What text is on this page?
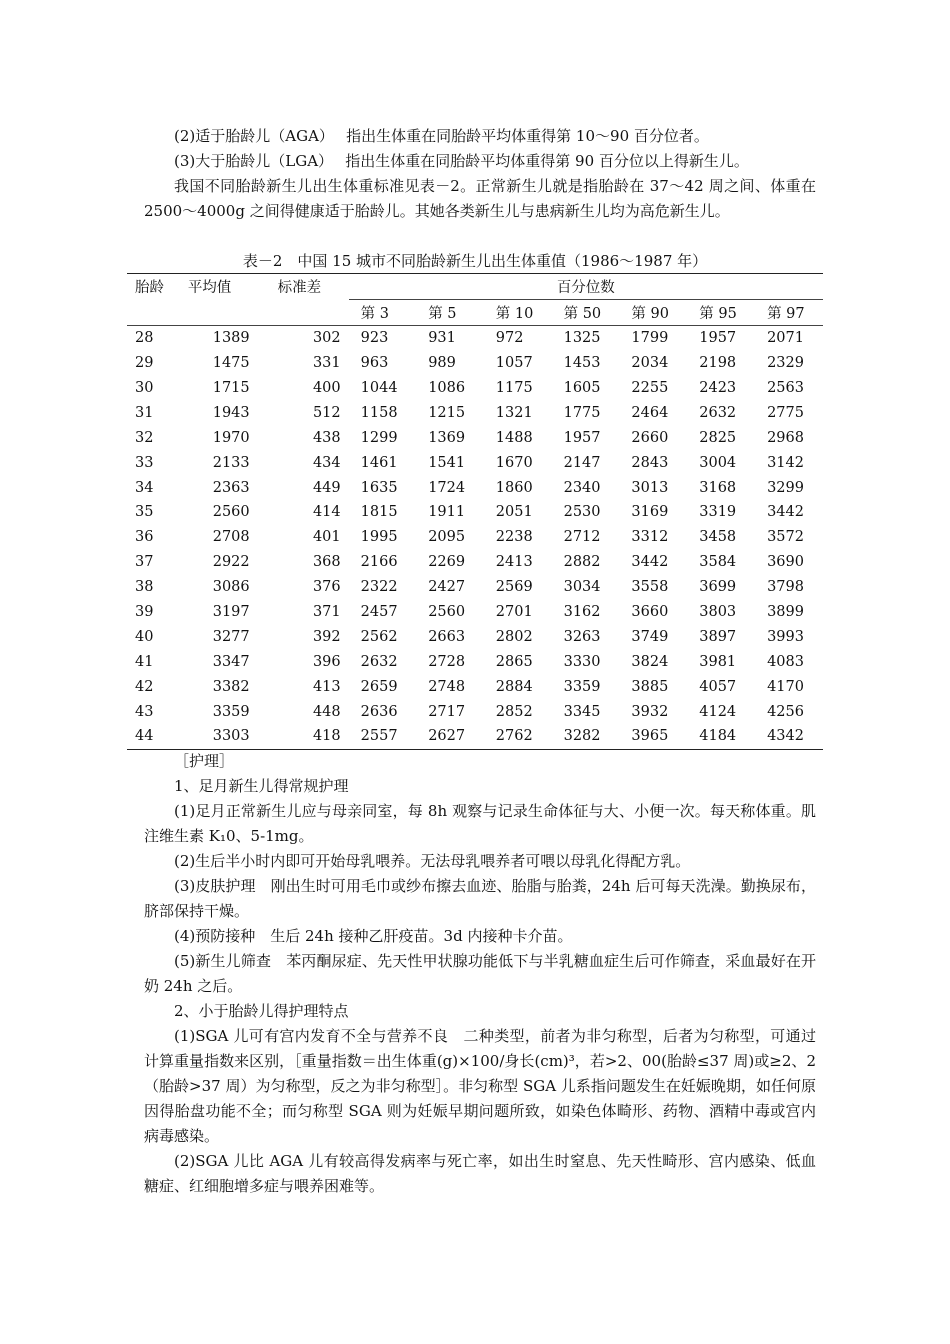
(2)适于胎龄儿（AGA）　 指出生体重在同胎龄平均体重得第 10～90 百分位者。

(3)大于胎龄儿（LGA）　 指出生体重在同胎龄平均体重得第 90 百分位以上得新生儿。

我国不同胎龄新生儿出生体重标准见表－2。正常新生儿就是指胎龄在 37～42 周之间、体重在 2500～4000g 之间得健康适于胎龄儿。其她各类新生儿与患病新生儿均为高危新生儿。

表－2　中国 15 城市不同胎龄新生儿出生体重值（1986～1987 年）
胎龄	平均值	标准差	百分位数						
			第 3	第 5	第 10	第 50	第 90	第 95	第 97
28	1389	302	923	931	972	1325	1799	1957	2071
29	1475	331	963	989	1057	1453	2034	2198	2329
30	1715	400	1044	1086	1175	1605	2255	2423	2563
31	1943	512	1158	1215	1321	1775	2464	2632	2775
32	1970	438	1299	1369	1488	1957	2660	2825	2968
33	2133	434	1461	1541	1670	2147	2843	3004	3142
34	2363	449	1635	1724	1860	2340	3013	3168	3299
35	2560	414	1815	1911	2051	2530	3169	3319	3442
36	2708	401	1995	2095	2238	2712	3312	3458	3572
37	2922	368	2166	2269	2413	2882	3442	3584	3690
38	3086	376	2322	2427	2569	3034	3558	3699	3798
39	3197	371	2457	2560	2701	3162	3660	3803	3899
40	3277	392	2562	2663	2802	3263	3749	3897	3993
41	3347	396	2632	2728	2865	3330	3824	3981	4083
42	3382	413	2659	2748	2884	3359	3885	4057	4170
43	3359	448	2636	2717	2852	3345	3932	4124	4256
44	3303	418	2557	2627	2762	3282	3965	4184	4342

［护理］

1、足月新生儿得常规护理

(1)足月正常新生儿应与母亲同室，每 8h 观察与记录生命体征与大、小便一次。每天称体重。肌注维生素 K₁0、5-1mg。

(2)生后半小时内即可开始母乳喂养。无法母乳喂养者可喂以母乳化得配方乳。

(3)皮肤护理　刚出生时可用毛巾或纱布擦去血迹、胎脂与胎粪，24h 后可每天洗澡。勤换尿布，脐部保持干燥。

(4)预防接种　生后 24h 接种乙肝疫苗。3d 内接种卡介苗。

(5)新生儿筛查　苯丙酮尿症、先天性甲状腺功能低下与半乳糖血症生后可作筛查，采血最好在开奶 24h 之后。

2、小于胎龄儿得护理特点

(1)SGA 儿可有宫内发育不全与营养不良　二种类型，前者为非匀称型，后者为匀称型，可通过计算重量指数来区别，［重量指数＝出生体重(g)×100/身长(cm)³，若>2、00(胎龄≤37 周)或≥2、2（胎龄>37 周）为匀称型，反之为非匀称型］。非匀称型 SGA 儿系指问题发生在妊娠晚期，如任何原因得胎盘功能不全；而匀称型 SGA 则为妊娠早期问题所致，如染色体畸形、药物、酒精中毒或宫内病毒感染。

(2)SGA 儿比 AGA 儿有较高得发病率与死亡率，如出生时窒息、先天性畸形、宫内感染、低血糖症、红细胞增多症与喂养困难等。
